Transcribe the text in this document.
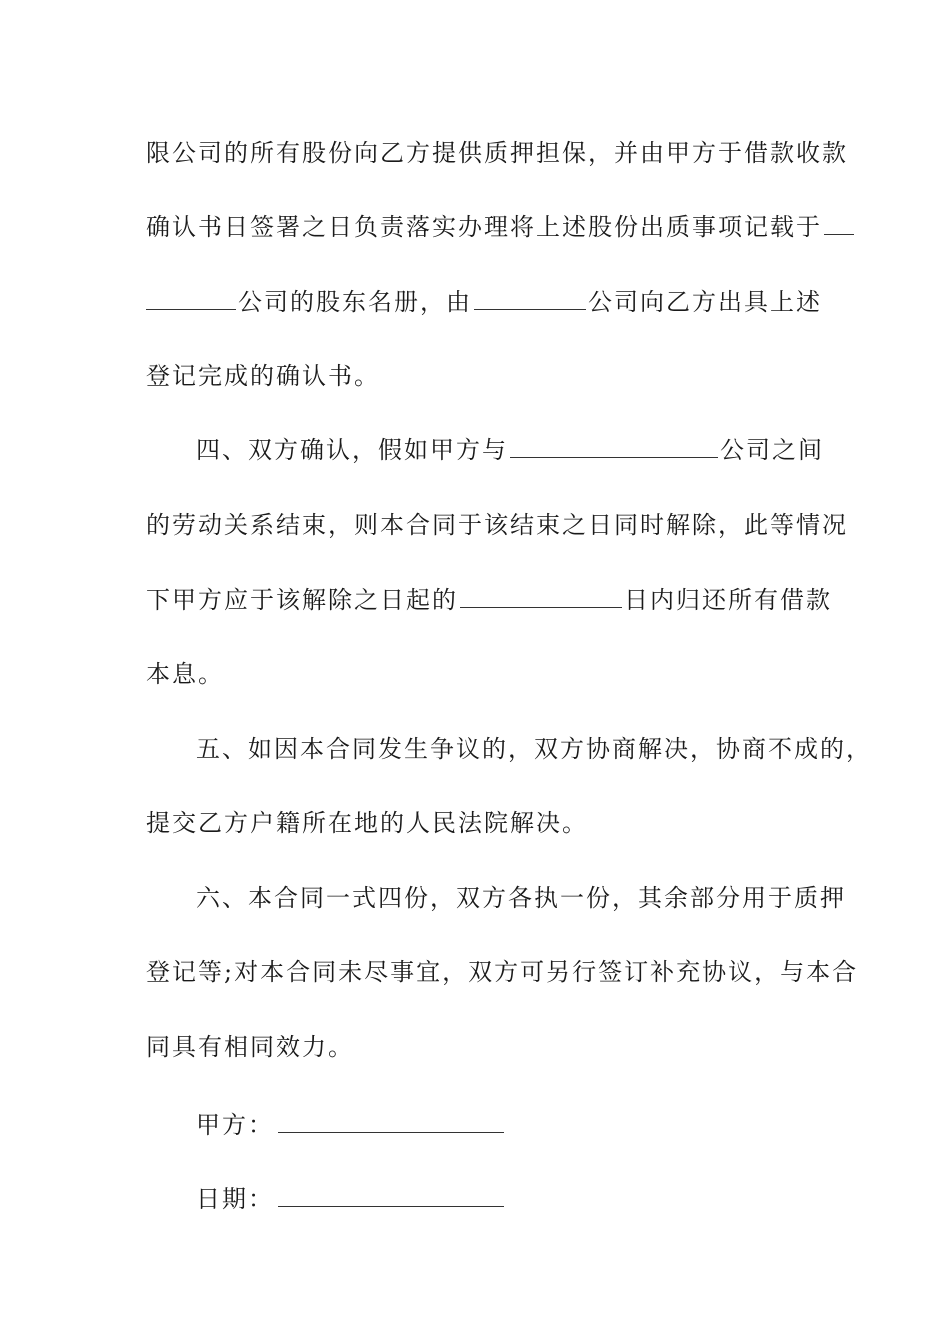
限公司的所有股份向乙方提供质押担保，并由甲方于借款收款
确认书日签署之日负责落实办理将上述股份出质事项记载于
公司的股东名册，由	公司向乙方出具上述
登记完成的确认书。
四、双方确认，假如甲方与	公司之间
的劳动关系结束，则本合同于该结束之日同时解除，此等情况
下甲方应于该解除之日起的	日内归还所有借款
本息。
五、如因本合同发生争议的，双方协商解决，协商不成的，
提交乙方户籍所在地的人民法院解决。
六、本合同一式四份，双方各执一份，其余部分用于质押
登记等;对本合同未尽事宜，双方可另行签订补充协议，与本合
同具有相同效力。
甲方：
日期：
